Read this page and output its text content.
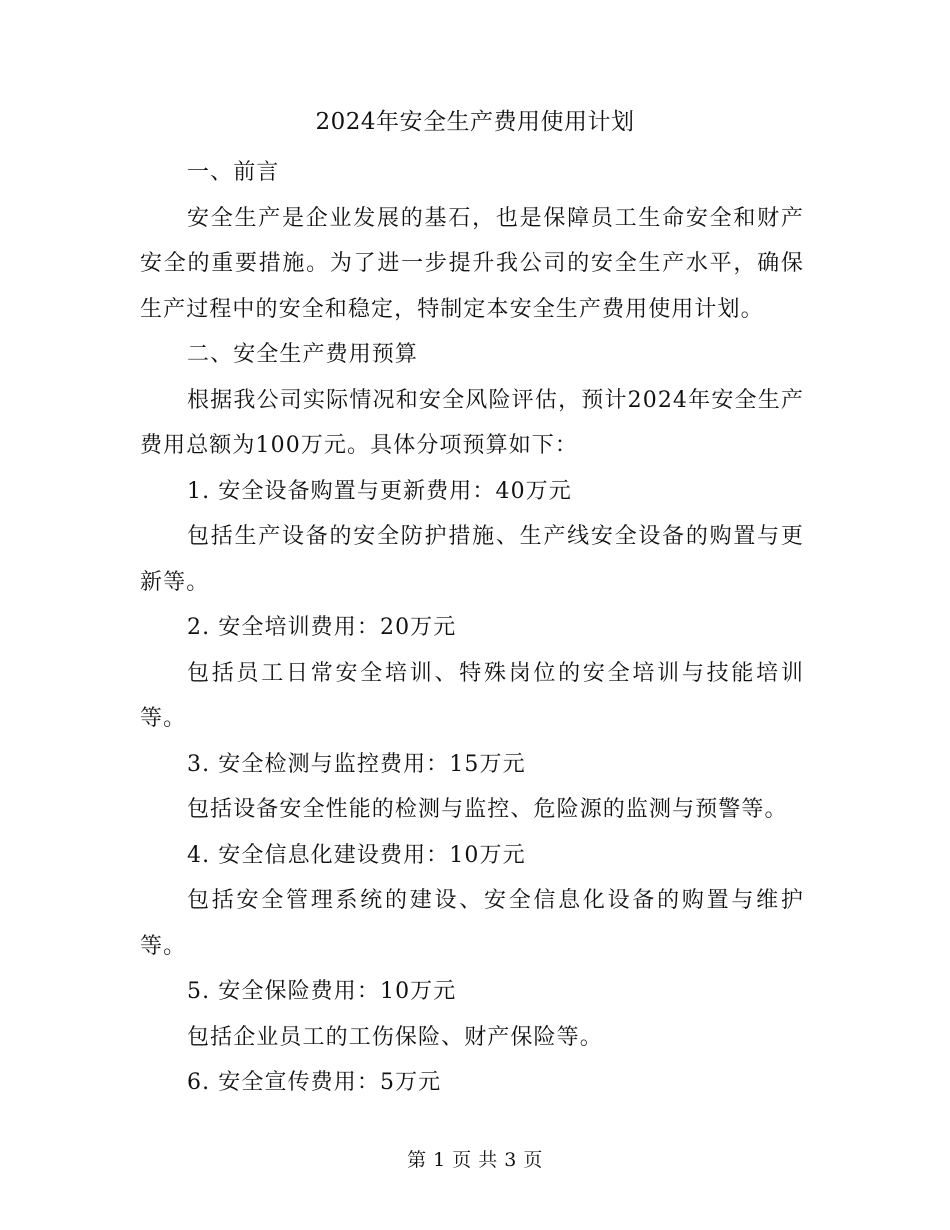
2024年安全生产费用使用计划

一、前言

安全生产是企业发展的基石，也是保障员工生命安全和财产安全的重要措施。为了进一步提升我公司的安全生产水平，确保生产过程中的安全和稳定，特制定本安全生产费用使用计划。

二、安全生产费用预算

根据我公司实际情况和安全风险评估，预计2024年安全生产费用总额为100万元。具体分项预算如下：

1. 安全设备购置与更新费用：40万元

包括生产设备的安全防护措施、生产线安全设备的购置与更新等。

2. 安全培训费用：20万元

包括员工日常安全培训、特殊岗位的安全培训与技能培训等。

3. 安全检测与监控费用：15万元

包括设备安全性能的检测与监控、危险源的监测与预警等。

4. 安全信息化建设费用：10万元

包括安全管理系统的建设、安全信息化设备的购置与维护等。

5. 安全保险费用：10万元

包括企业员工的工伤保险、财产保险等。

6. 安全宣传费用：5万元

第 1 页 共 3 页
